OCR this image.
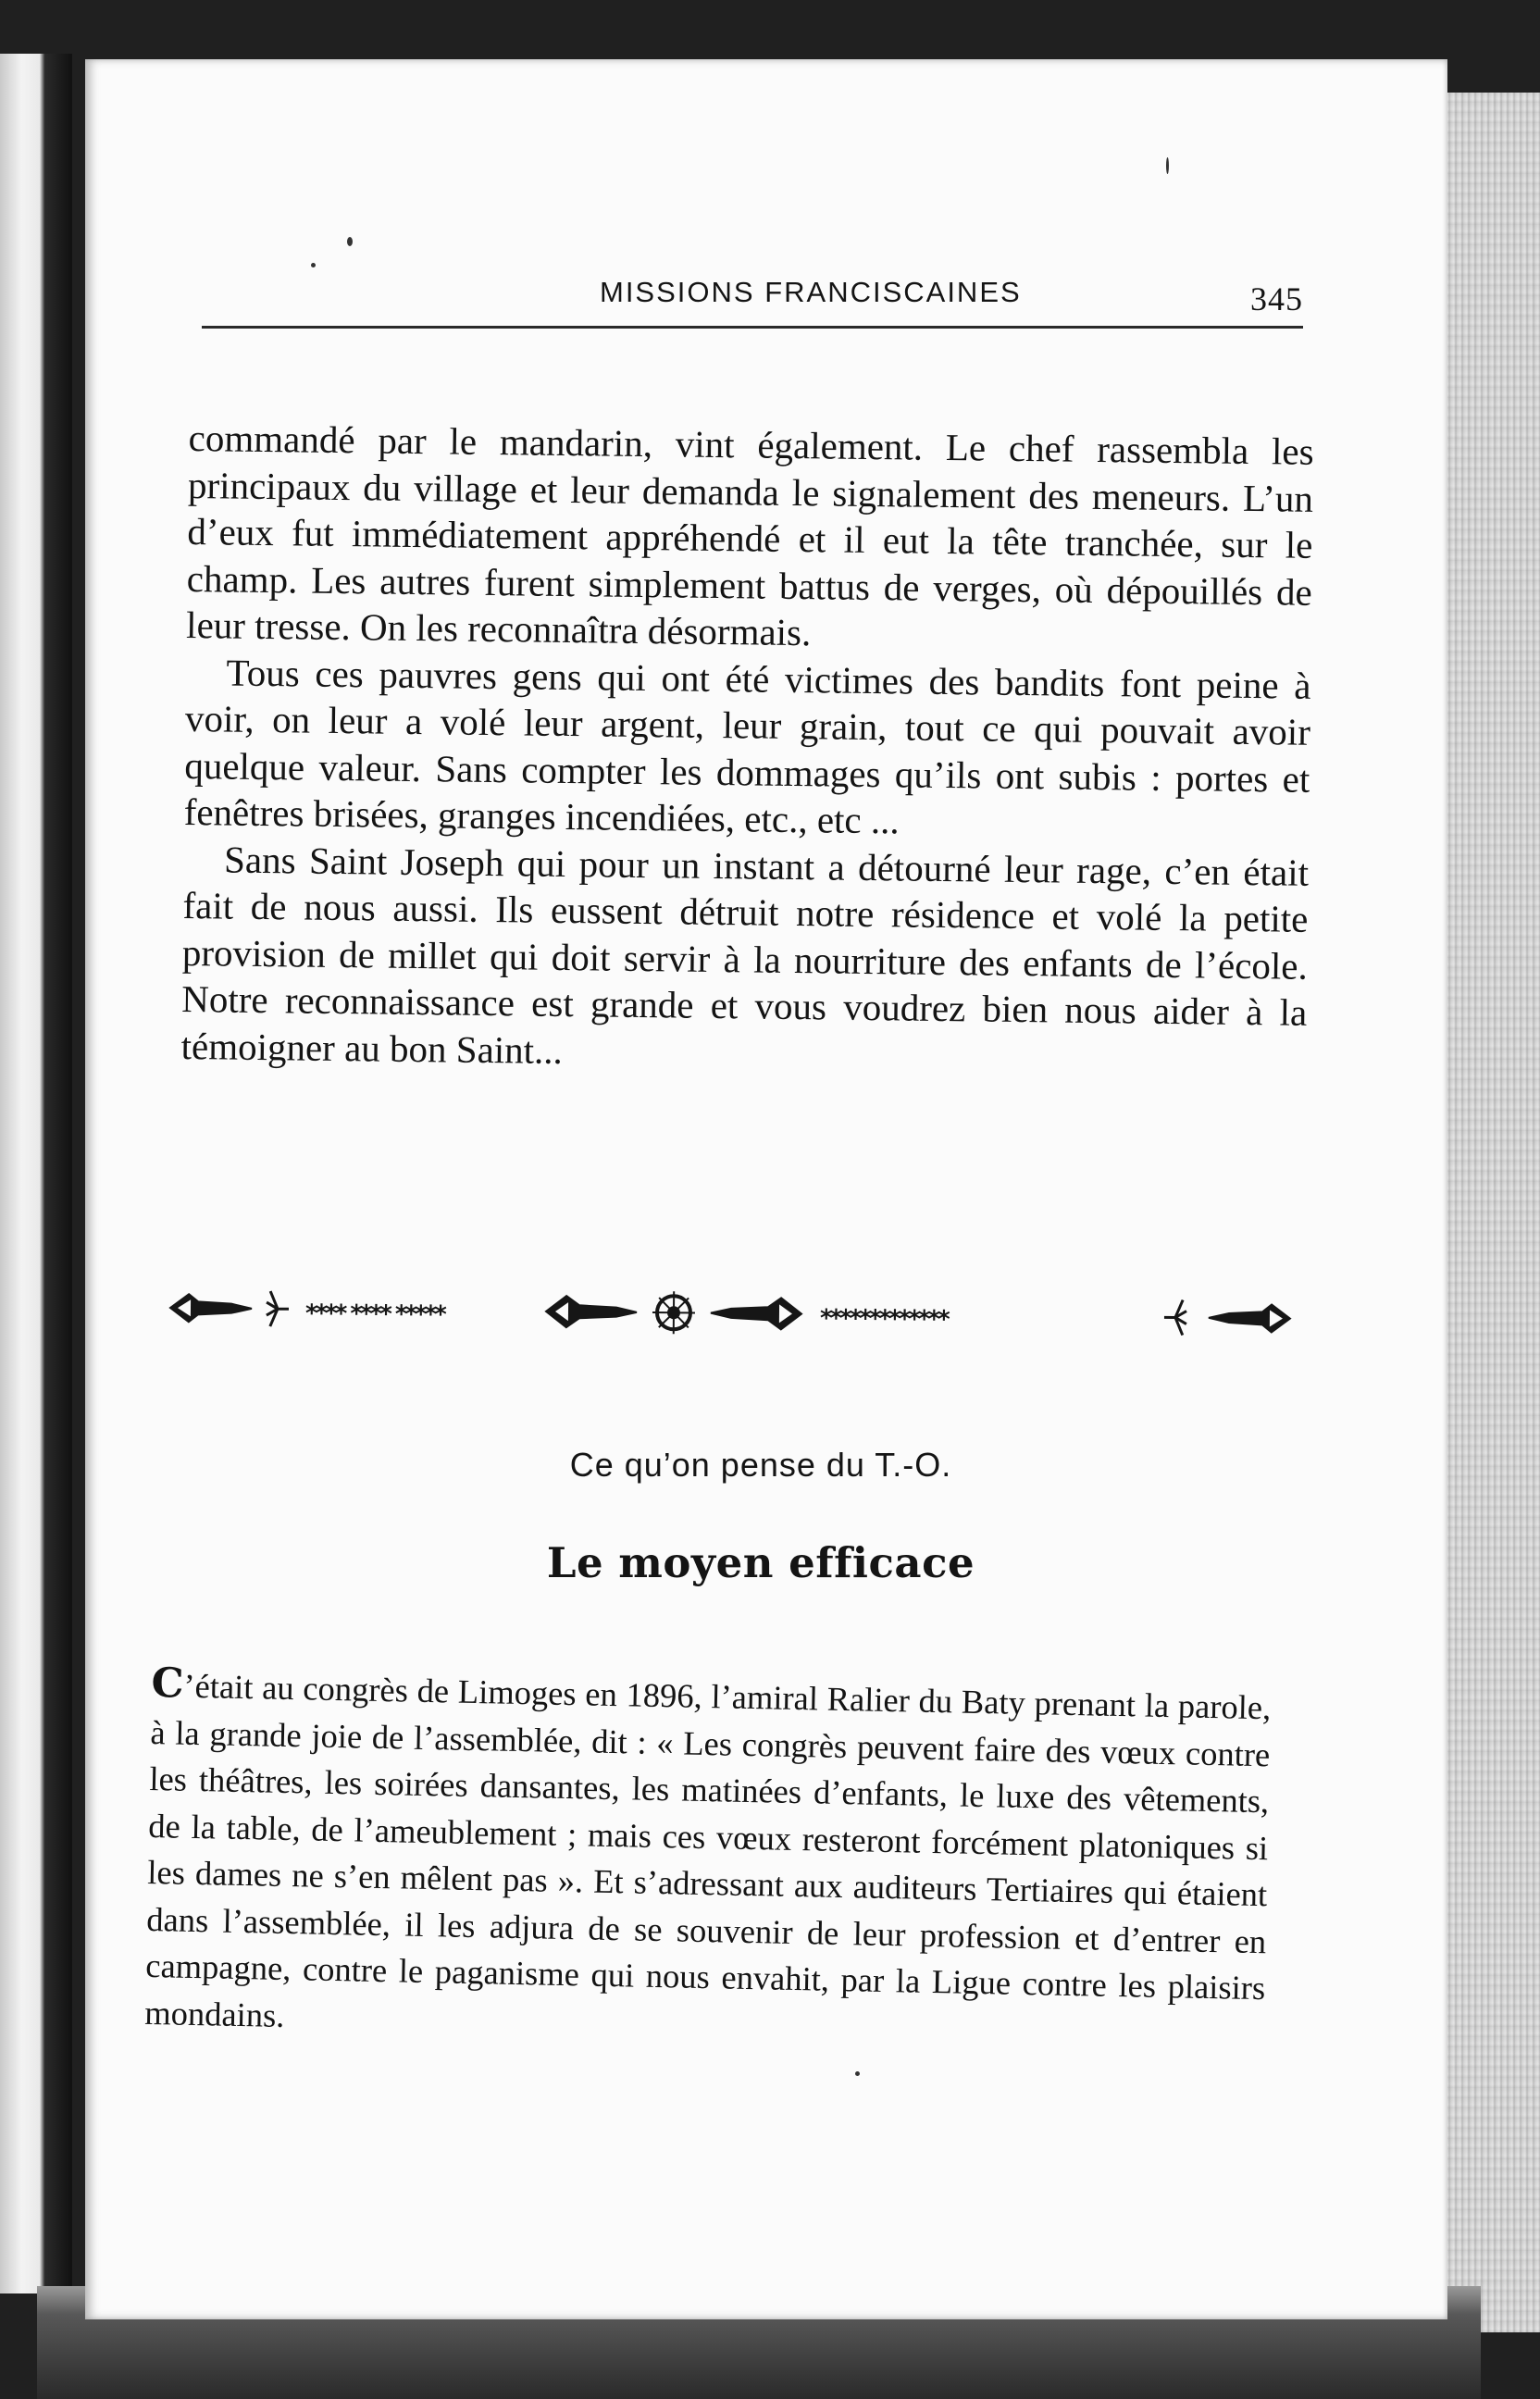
MISSIONS FRANCISCAINES	345

commandé par le mandarin, vint également. Le chef rassembla les principaux du village et leur demanda le signalement des meneurs. L’un d’eux fut immédiatement appréhendé et il eut la tête tranchée, sur le champ. Les autres furent simplement battus de verges, où dépouillés de leur tresse. On les reconnaîtra désormais.

Tous ces pauvres gens qui ont été victimes des bandits font peine à voir, on leur a volé leur argent, leur grain, tout ce qui pouvait avoir quelque valeur. Sans compter les dommages qu’ils ont subis : portes et fenêtres brisées, granges incendiées, etc., etc ...

Sans Saint Joseph qui pour un instant a détourné leur rage, c’en était fait de nous aussi. Ils eussent détruit notre résidence et volé la petite provision de millet qui doit servir à la nourriture des enfants de l’école. Notre reconnaissance est grande et vous voudrez bien nous aider à la témoigner au bon Saint...

**** **** *****	*************
Ce qu’on pense du T.-O.
Le moyen efficace

C’était au congrès de Limoges en 1896, l’amiral Ralier du Baty prenant la parole, à la grande joie de l’assemblée, dit : « Les congrès peuvent faire des vœux contre les théâtres, les soirées dansantes, les matinées d’enfants, le luxe des vêtements, de la table, de l’ameublement ; mais ces vœux resteront forcément platoniques si les dames ne s’en mêlent pas ». Et s’adressant aux auditeurs Tertiaires qui étaient dans l’assemblée, il les adjura de se souvenir de leur profession et d’entrer en campagne, contre le paganisme qui nous envahit, par la Ligue contre les plaisirs mondains.
